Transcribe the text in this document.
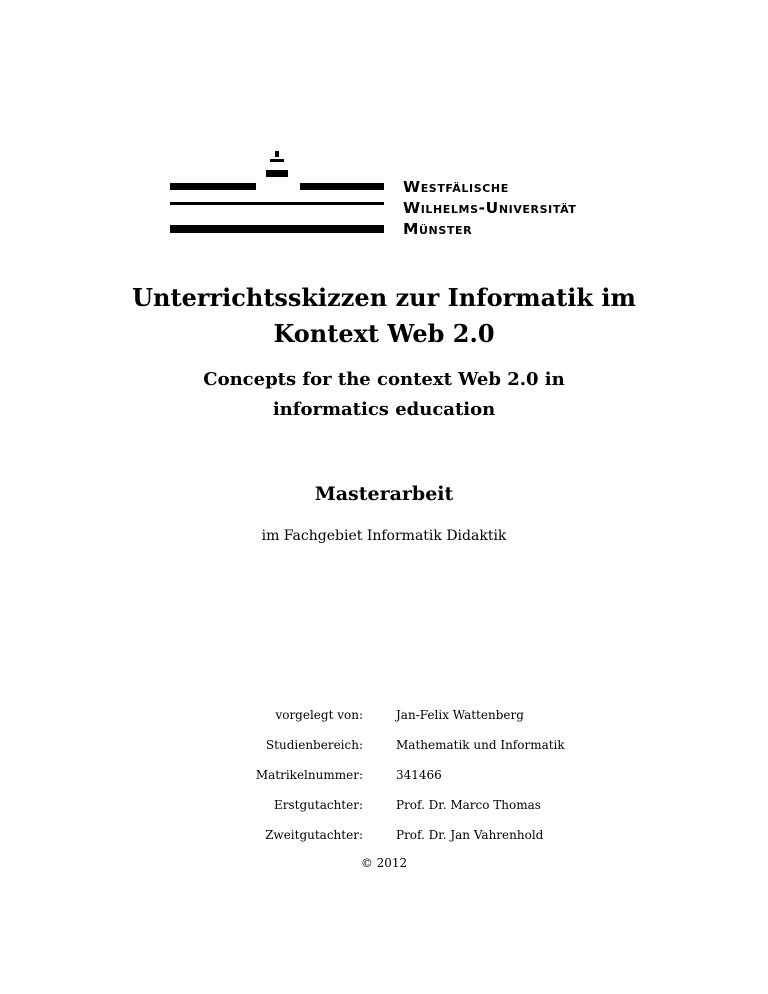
Westfälische
Wilhelms-Universität
Münster
Unterrichtsskizzen zur Informatik im
Kontext Web 2.0
Concepts for the context Web 2.0 in
informatics education
Masterarbeit
im Fachgebiet Informatik Didaktik
vorgelegt von:	Jan-Felix Wattenberg
Studienbereich:	Mathematik und Informatik
Matrikelnummer:	341466
Erstgutachter:	Prof. Dr. Marco Thomas
Zweitgutachter:	Prof. Dr. Jan Vahrenhold
© 2012
